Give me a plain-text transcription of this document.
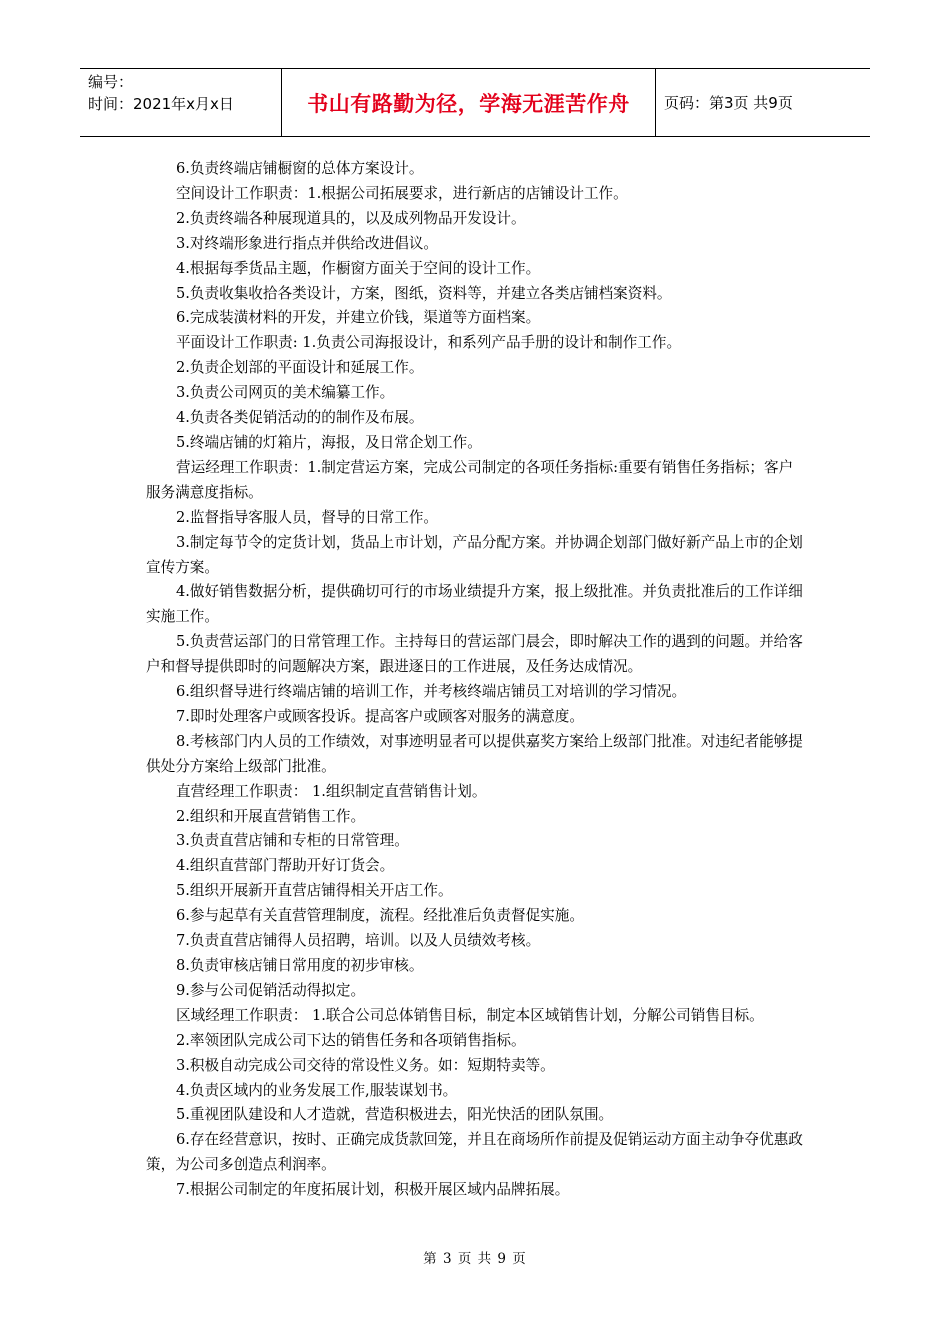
编号：
时间：2021年x月x日	书山有路勤为径，学海无涯苦作舟	页码：第3页 共9页

6.负责终端店铺橱窗的总体方案设计。

空间设计工作职责：1.根据公司拓展要求，进行新店的店铺设计工作。

2.负责终端各种展现道具的，以及成列物品开发设计。

3.对终端形象进行指点并供给改进倡议。

4.根据每季货品主题，作橱窗方面关于空间的设计工作。

5.负责收集收拾各类设计，方案，图纸，资料等，并建立各类店铺档案资料。

6.完成装潢材料的开发，并建立价钱，渠道等方面档案。

平面设计工作职责: 1.负责公司海报设计，和系列产品手册的设计和制作工作。

2.负责企划部的平面设计和延展工作。

3.负责公司网页的美术编纂工作。

4.负责各类促销活动的的制作及布展。

5.终端店铺的灯箱片，海报，及日常企划工作。

营运经理工作职责：1.制定营运方案，完成公司制定的各项任务指标:重要有销售任务指标；客户服务满意度指标。

2.监督指导客服人员，督导的日常工作。

3.制定每节令的定货计划，货品上市计划，产品分配方案。并协调企划部门做好新产品上市的企划宣传方案。

4.做好销售数据分析，提供确切可行的市场业绩提升方案，报上级批准。并负责批准后的工作详细实施工作。

5.负责营运部门的日常管理工作。主持每日的营运部门晨会，即时解决工作的遇到的问题。并给客户和督导提供即时的问题解决方案，跟进逐日的工作进展，及任务达成情况。

6.组织督导进行终端店铺的培训工作，并考核终端店铺员工对培训的学习情况。

7.即时处理客户或顾客投诉。提高客户或顾客对服务的满意度。

8.考核部门内人员的工作绩效，对事迹明显者可以提供嘉奖方案给上级部门批准。对违纪者能够提供处分方案给上级部门批准。

直营经理工作职责： 1.组织制定直营销售计划。

2.组织和开展直营销售工作。

3.负责直营店铺和专柜的日常管理。

4.组织直营部门帮助开好订货会。

5.组织开展新开直营店铺得相关开店工作。

6.参与起草有关直营管理制度，流程。经批准后负责督促实施。

7.负责直营店铺得人员招聘，培训。以及人员绩效考核。

8.负责审核店铺日常用度的初步审核。

9.参与公司促销活动得拟定。

区域经理工作职责： 1.联合公司总体销售目标，制定本区域销售计划，分解公司销售目标。

2.率领团队完成公司下达的销售任务和各项销售指标。

3.积极自动完成公司交待的常设性义务。如：短期特卖等。

4.负责区域内的业务发展工作,服装谋划书。

5.重视团队建设和人才造就，营造积极进去，阳光快活的团队氛围。

6.存在经营意识，按时、正确完成货款回笼，并且在商场所作前提及促销运动方面主动争夺优惠政策，为公司多创造点利润率。

7.根据公司制定的年度拓展计划，积极开展区域内品牌拓展。

第 3 页 共 9 页
